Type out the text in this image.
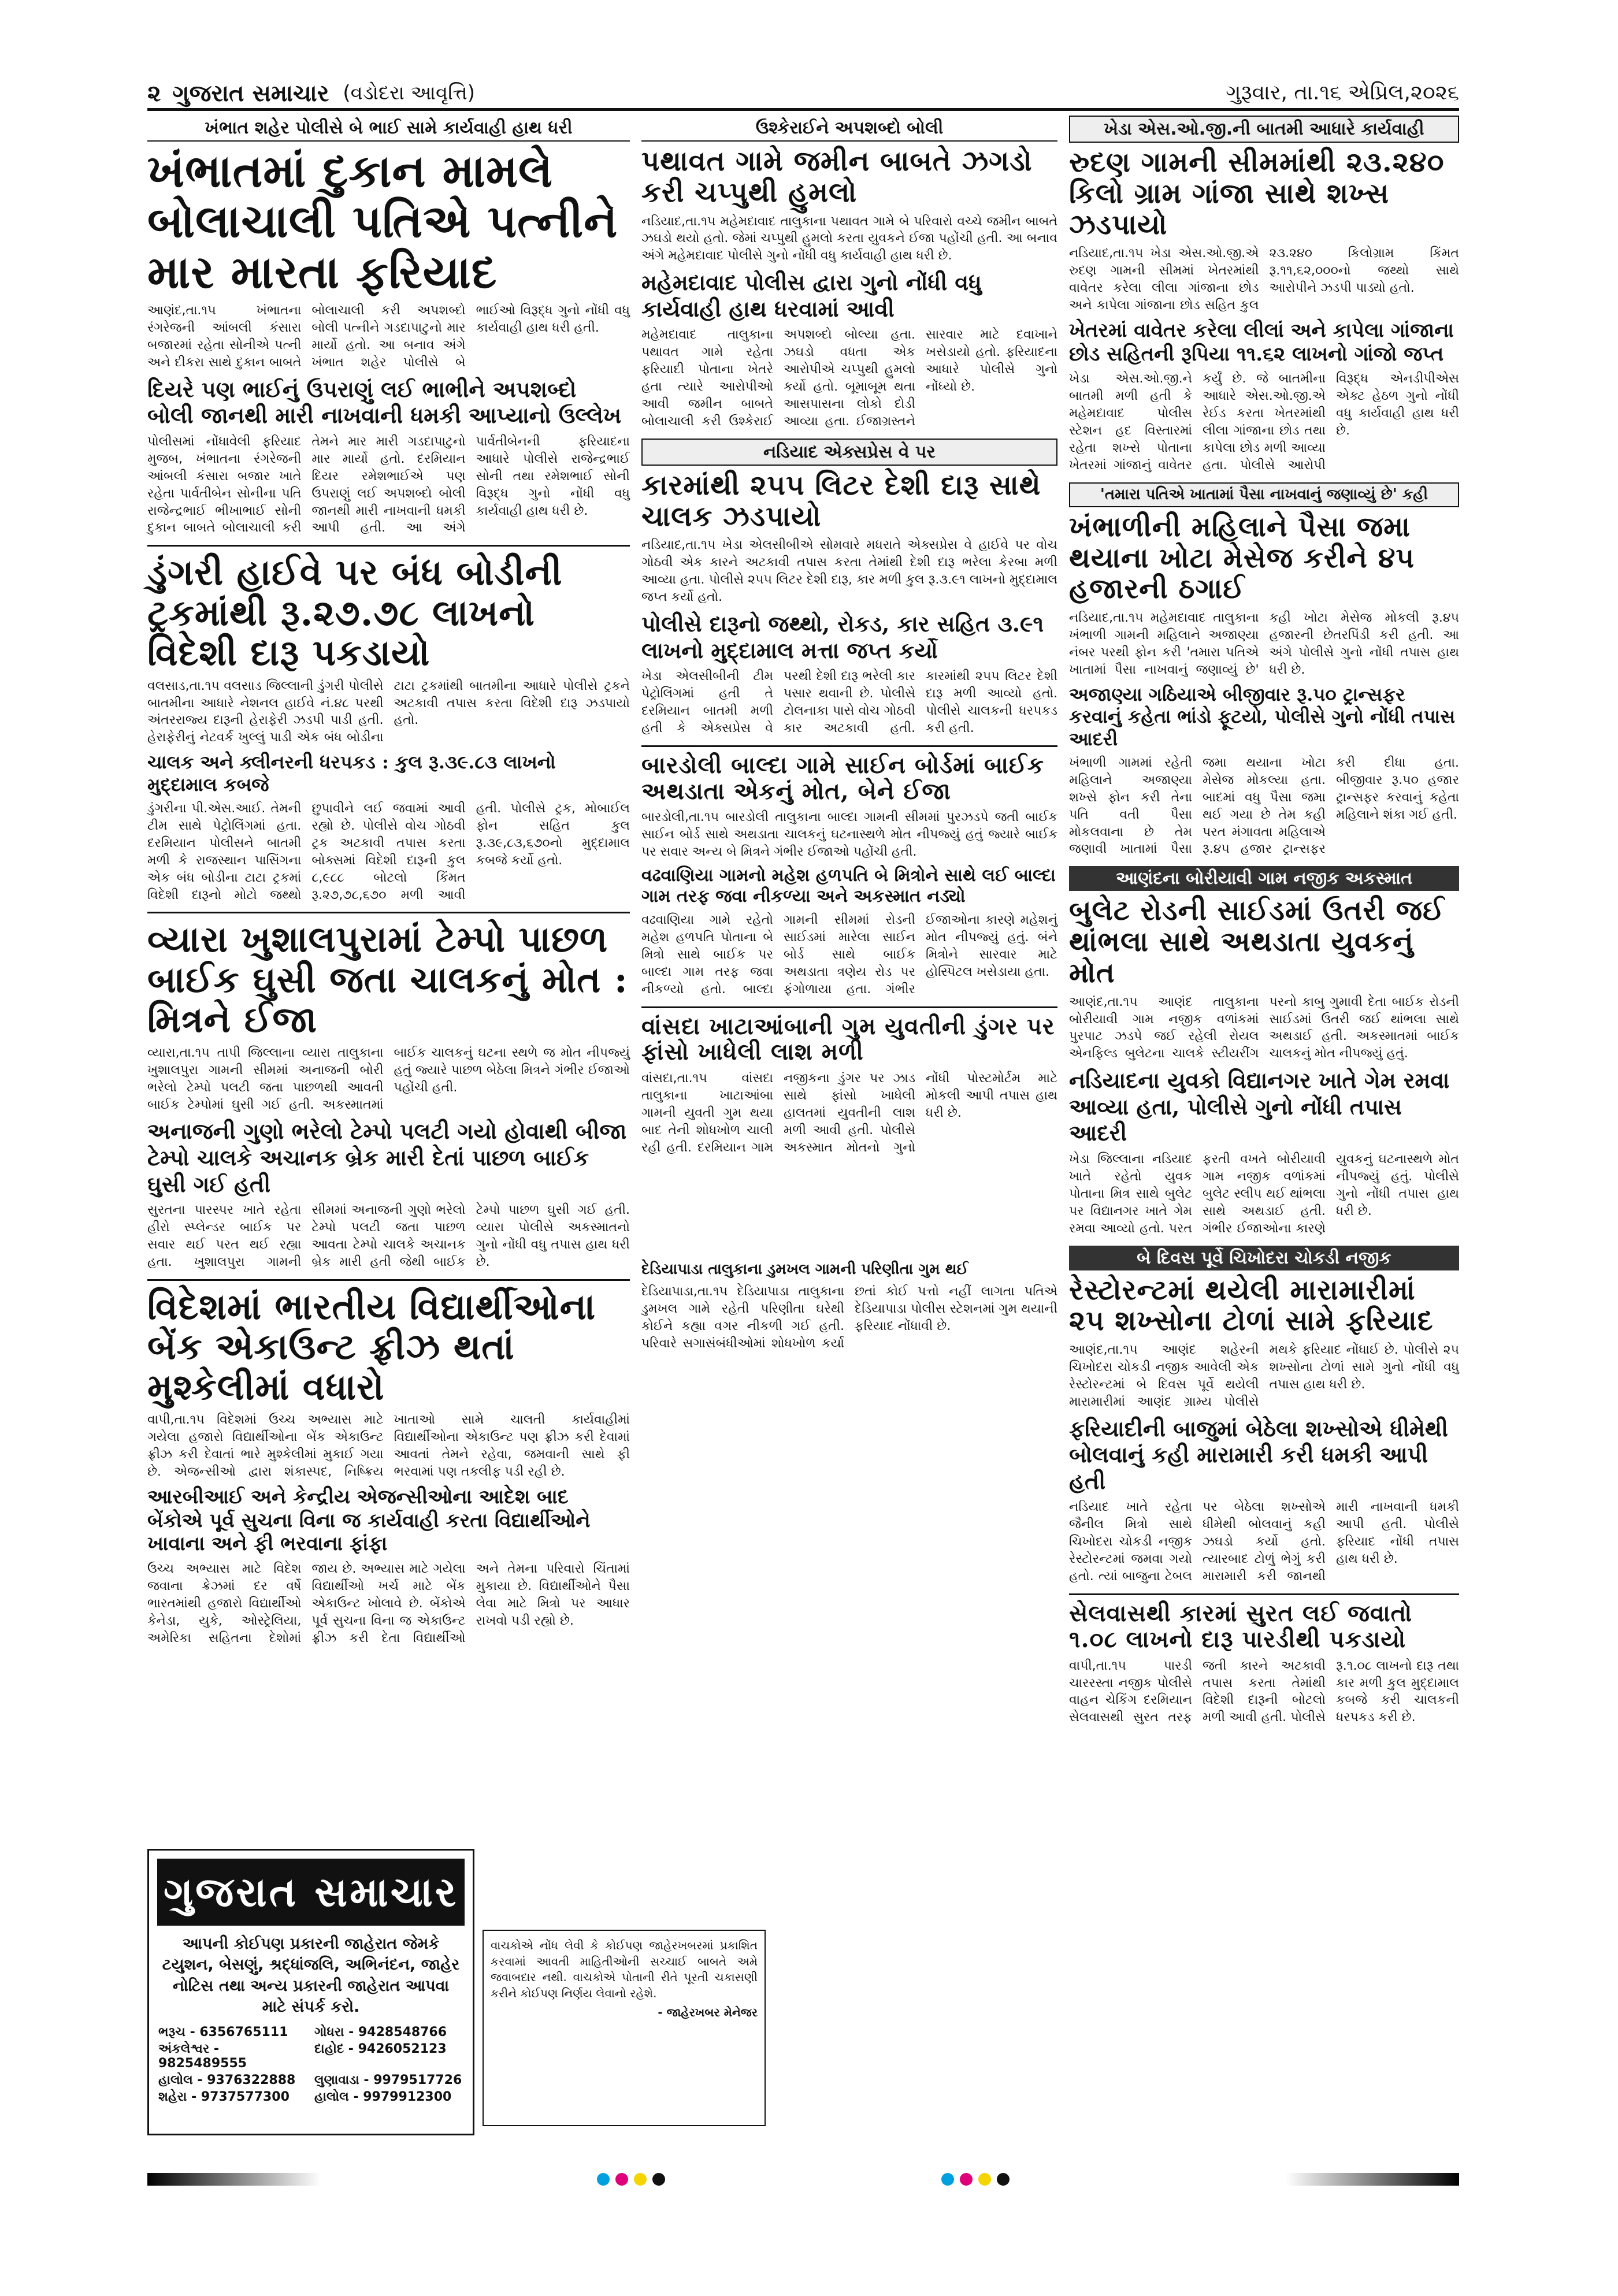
૨ ગુજરાત સમાચાર (વડોદરા આવૃત્તિ)	ગુરૂવાર, તા.૧૬ એપ્રિલ,૨૦૨૬
ખંભાત શહેર પોલીસે બે ભાઈ સામે કાર્યવાહી હાથ ધરી
ખંભાતમાં દુકાન મામલે બોલાચાલી પતિએ પત્નીને માર મારતા ફરિયાદ
આણંદ,તા.૧૫ ખંભાતના રંગરેજની આંબલી કંસારા બજારમાં રહેતા સોનીએ પત્ની અને દીકરા સાથે દુકાન બાબતે બોલાચાલી કરી અપશબ્દો બોલી પત્નીને ગડદાપાટુનો માર માર્યો હતો. આ બનાવ અંગે ખંભાત શહેર પોલીસે બે ભાઈઓ વિરૂદ્ધ ગુનો નોંધી વધુ કાર્યવાહી હાથ ધરી હતી.
દિયરે પણ ભાઈનું ઉપરાણું લઈ ભાભીને અપશબ્દો બોલી જાનથી મારી નાખવાની ધમકી આપ્યાનો ઉલ્લેખ
પોલીસમાં નોંધાવેલી ફરિયાદ મુજબ, ખંભાતના રંગરેજની આંબલી કંસારા બજાર ખાતે રહેતા પાર્વતીબેન સોનીના પતિ રાજેન્દ્રભાઈ ભીખાભાઈ સોની દુકાન બાબતે બોલાચાલી કરી તેમને માર મારી ગડદાપાટુનો માર માર્યો હતો. દરમિયાન દિયર રમેશભાઈએ પણ ઉપરાણું લઈ અપશબ્દો બોલી જાનથી મારી નાખવાની ધમકી આપી હતી. આ અંગે પાર્વતીબેનની ફરિયાદના આધારે પોલીસે રાજેન્દ્રભાઈ સોની તથા રમેશભાઈ સોની વિરૂદ્ધ ગુનો નોંધી વધુ કાર્યવાહી હાથ ધરી છે.
ડુંગરી હાઈવે પર બંધ બોડીની ટ્રકમાંથી રૂ.૨૭.૭૮ લાખનો વિદેશી દારૂ પકડાયો
વલસાડ,તા.૧૫ વલસાડ જિલ્લાની ડુંગરી પોલીસે બાતમીના આધારે નેશનલ હાઈવે નં.૪૮ પરથી અંતરરાજ્ય દારૂની હેરાફેરી ઝડપી પાડી હતી. હેરાફેરીનું નેટવર્ક ખુલ્લું પાડી એક બંધ બોડીના ટાટા ટ્રકમાંથી બાતમીના આધારે પોલીસે ટ્રકને અટકાવી તપાસ કરતા વિદેશી દારૂ ઝડપાયો હતો.
ચાલક અને ક્લીનરની ધરપકડ : કુલ રૂ.૩૯.૮૩ લાખનો મુદ્દામાલ કબજે
ડુંગરીના પી.એસ.આઈ. તેમની ટીમ સાથે પેટ્રોલિંગમાં હતા. દરમિયાન પોલીસને બાતમી મળી કે રાજસ્થાન પાસિંગના એક બંધ બોડીના ટાટા ટ્રકમાં વિદેશી દારૂનો મોટો જથ્થો છુપાવીને લઈ જવામાં આવી રહ્યો છે. પોલીસે વોચ ગોઠવી ટ્રક અટકાવી તપાસ કરતા બોક્સમાં વિદેશી દારૂની કુલ ૮,૯૮૮ બોટલો કિંમત રૂ.૨૭,૭૮,૬૭૦ મળી આવી હતી. પોલીસે ટ્રક, મોબાઈલ ફોન સહિત કુલ રૂ.૩૯,૮૩,૬૭૦નો મુદ્દામાલ કબજે કર્યો હતો.
વ્યારા ખુશાલપુરામાં ટેમ્પો પાછળ બાઈક ઘુસી જતા ચાલકનું મોત : મિત્રને ઈજા
વ્યારા,તા.૧૫ તાપી જિલ્લાના વ્યારા તાલુકાના ખુશાલપુરા ગામની સીમમાં અનાજની બોરી ભરેલો ટેમ્પો પલટી જતા પાછળથી આવતી બાઈક ટેમ્પોમાં ઘુસી ગઈ હતી. અકસ્માતમાં બાઈક ચાલકનું ઘટના સ્થળે જ મોત નીપજ્યું હતું જ્યારે પાછળ બેઠેલા મિત્રને ગંભીર ઈજાઓ પહોંચી હતી.
અનાજની ગુણો ભરેલો ટેમ્પો પલટી ગયો હોવાથી બીજા ટેમ્પો ચાલકે અચાનક બ્રેક મારી દેતાં પાછળ બાઈક ઘુસી ગઈ હતી
સુરતના પારસ્પર ખાતે રહેતા હીરો સ્પ્લેન્ડર બાઈક પર સવાર થઈ પરત થઈ રહ્યા હતા. ખુશાલપુરા ગામની સીમમાં અનાજની ગુણો ભરેલો ટેમ્પો પલટી જતા પાછળ આવતા ટેમ્પો ચાલકે અચાનક બ્રેક મારી હતી જેથી બાઈક ટેમ્પો પાછળ ઘુસી ગઈ હતી. વ્યારા પોલીસે અકસ્માતનો ગુનો નોંધી વધુ તપાસ હાથ ધરી છે.
વિદેશમાં ભારતીય વિદ્યાર્થીઓના બેંક એકાઉન્ટ ફ્રીઝ થતાં મુશ્કેલીમાં વધારો
વાપી,તા.૧૫ વિદેશમાં ઉચ્ચ અભ્યાસ માટે ગયેલા હજારો વિદ્યાર્થીઓના બેંક એકાઉન્ટ ફ્રીઝ કરી દેવાતાં ભારે મુશ્કેલીમાં મુકાઈ ગયા છે. એજન્સીઓ દ્વારા શંકાસ્પદ, નિષ્ક્રિય ખાતાઓ સામે ચાલતી કાર્યવાહીમાં વિદ્યાર્થીઓના એકાઉન્ટ પણ ફ્રીઝ કરી દેવામાં આવતાં તેમને રહેવા, જમવાની સાથે ફી ભરવામાં પણ તકલીફ પડી રહી છે.
આરબીઆઈ અને કેન્દ્રીય એજન્સીઓના આદેશ બાદ બેંકોએ પૂર્વ સુચના વિના જ કાર્યવાહી કરતા વિદ્યાર્થીઓને ખાવાના અને ફી ભરવાના ફાંફા
ઉચ્ચ અભ્યાસ માટે વિદેશ જવાના ક્રેઝમાં દર વર્ષે ભારતમાંથી હજારો વિદ્યાર્થીઓ કેનેડા, યુકે, ઓસ્ટ્રેલિયા, અમેરિકા સહિતના દેશોમાં જાય છે. અભ્યાસ માટે ગયેલા વિદ્યાર્થીઓ ખર્ચ માટે બેંક એકાઉન્ટ ખોલાવે છે. બેંકોએ પૂર્વ સુચના વિના જ એકાઉન્ટ ફ્રીઝ કરી દેતા વિદ્યાર્થીઓ અને તેમના પરિવારો ચિંતામાં મુકાયા છે. વિદ્યાર્થીઓને પૈસા લેવા માટે મિત્રો પર આધાર રાખવો પડી રહ્યો છે.
ઉશ્કેરાઈને અપશબ્દો બોલી
પથાવત ગામે જમીન બાબતે ઝગડો કરી ચપ્પુથી હુમલો
નડિયાદ,તા.૧૫ મહેમદાવાદ તાલુકાના પથાવત ગામે બે પરિવારો વચ્ચે જમીન બાબતે ઝઘડો થયો હતો. જેમાં ચપ્પુથી હુમલો કરતા યુવકને ઈજા પહોંચી હતી. આ બનાવ અંગે મહેમદાવાદ પોલીસે ગુનો નોંધી વધુ કાર્યવાહી હાથ ધરી છે.
મહેમદાવાદ પોલીસ દ્વારા ગુનો નોંધી વધુ કાર્યવાહી હાથ ધરવામાં આવી
મહેમદાવાદ તાલુકાના પથાવત ગામે રહેતા ફરિયાદી પોતાના ખેતરે હતા ત્યારે આરોપીઓ આવી જમીન બાબતે બોલાચાલી કરી ઉશ્કેરાઈ અપશબ્દો બોલ્યા હતા. ઝઘડો વધતા એક આરોપીએ ચપ્પુથી હુમલો કર્યો હતો. બૂમાબૂમ થતા આસપાસના લોકો દોડી આવ્યા હતા. ઈજાગ્રસ્તને સારવાર માટે દવાખાને ખસેડાયો હતો. ફરિયાદના આધારે પોલીસે ગુનો નોંધ્યો છે.
નડિયાદ એક્સપ્રેસ વે પર
કારમાંથી ૨૫૫ લિટર દેશી દારૂ સાથે ચાલક ઝડપાયો
નડિયાદ,તા.૧૫ ખેડા એલસીબીએ સોમવારે મધરાતે એક્સપ્રેસ વે હાઈવે પર વોચ ગોઠવી એક કારને અટકાવી તપાસ કરતા તેમાંથી દેશી દારૂ ભરેલા કેરબા મળી આવ્યા હતા. પોલીસે ૨૫૫ લિટર દેશી દારૂ, કાર મળી કુલ રૂ.૩.૯૧ લાખનો મુદ્દામાલ જપ્ત કર્યો હતો.
પોલીસે દારૂનો જથ્થો, રોકડ, કાર સહિત ૩.૯૧ લાખનો મુદ્દામાલ મત્તા જપ્ત કર્યો
ખેડા એલસીબીની ટીમ પેટ્રોલિંગમાં હતી તે દરમિયાન બાતમી મળી હતી કે એક્સપ્રેસ વે પરથી દેશી દારૂ ભરેલી કાર પસાર થવાની છે. પોલીસે ટોલનાકા પાસે વોચ ગોઠવી કાર અટકાવી હતી. કારમાંથી ૨૫૫ લિટર દેશી દારૂ મળી આવ્યો હતો. પોલીસે ચાલકની ધરપકડ કરી હતી.
બારડોલી બાલ્દા ગામે સાઈન બોર્ડમાં બાઈક અથડાતા એકનું મોત, બેને ઈજા
બારડોલી,તા.૧૫ બારડોલી તાલુકાના બાલ્દા ગામની સીમમાં પુરઝડપે જતી બાઈક સાઈન બોર્ડ સાથે અથડાતા ચાલકનું ઘટનાસ્થળે મોત નીપજ્યું હતું જ્યારે બાઈક પર સવાર અન્ય બે મિત્રને ગંભીર ઈજાઓ પહોંચી હતી.
વઢવાણિયા ગામનો મહેશ હળપતિ બે મિત્રોને સાથે લઈ બાલ્દા ગામ તરફ જવા નીકળ્યા અને અકસ્માત નડ્યો
વઢવાણિયા ગામે રહેતો મહેશ હળપતિ પોતાના બે મિત્રો સાથે બાઈક પર બાલ્દા ગામ તરફ જવા નીકળ્યો હતો. બાલ્દા ગામની સીમમાં રોડની સાઈડમાં મારેલા સાઈન બોર્ડ સાથે બાઈક અથડાતા ત્રણેય રોડ પર ફંગોળાયા હતા. ગંભીર ઈજાઓના કારણે મહેશનું મોત નીપજ્યું હતું. બંને મિત્રોને સારવાર માટે હોસ્પિટલ ખસેડાયા હતા.
વાંસદા ખાટાઆંબાની ગુમ યુવતીની ડુંગર પર ફાંસો ખાધેલી લાશ મળી
વાંસદા,તા.૧૫ વાંસદા તાલુકાના ખાટાઆંબા ગામની યુવતી ગુમ થયા બાદ તેની શોધખોળ ચાલી રહી હતી. દરમિયાન ગામ નજીકના ડુંગર પર ઝાડ સાથે ફાંસો ખાધેલી હાલતમાં યુવતીની લાશ મળી આવી હતી. પોલીસે અકસ્માત મોતનો ગુનો નોંધી પોસ્ટમોર્ટમ માટે મોકલી આપી તપાસ હાથ ધરી છે.
દેડિયાપાડા તાલુકાના ડુમખલ ગામની પરિણીતા ગુમ થઈ
દેડિયાપાડા,તા.૧૫ દેડિયાપાડા તાલુકાના ડુમખલ ગામે રહેતી પરિણીતા ઘરેથી કોઈને કહ્યા વગર નીકળી ગઈ હતી. પરિવારે સગાસંબંધીઓમાં શોધખોળ કર્યા છતાં કોઈ પત્તો નહીં લાગતા પતિએ દેડિયાપાડા પોલીસ સ્ટેશનમાં ગુમ થયાની ફરિયાદ નોંધાવી છે.
ખેડા એસ.ઓ.જી.ની બાતમી આધારે કાર્યવાહી
રુદણ ગામની સીમમાંથી ૨૩.૨૪૦ કિલો ગ્રામ ગાંજા સાથે શખ્સ ઝડપાયો
નડિયાદ,તા.૧૫ ખેડા એસ.ઓ.જી.એ રુદણ ગામની સીમમાં ખેતરમાંથી વાવેતર કરેલા લીલા ગાંજાના છોડ અને કાપેલા ગાંજાના છોડ સહિત કુલ ૨૩.૨૪૦ કિલોગ્રામ કિંમત રૂ.૧૧,૬૨,૦૦૦નો જથ્થો સાથે આરોપીને ઝડપી પાડ્યો હતો.
ખેતરમાં વાવેતર કરેલા લીલાં અને કાપેલા ગાંજાના છોડ સહિતની રૂપિયા ૧૧.૬૨ લાખનો ગાંજો જપ્ત
ખેડા એસ.ઓ.જી.ને બાતમી મળી હતી કે મહેમદાવાદ પોલીસ સ્ટેશન હદ વિસ્તારમાં રહેતા શખ્સે પોતાના ખેતરમાં ગાંજાનું વાવેતર કર્યું છે. જે બાતમીના આધારે એસ.ઓ.જી.એ રેઈડ કરતા ખેતરમાંથી લીલા ગાંજાના છોડ તથા કાપેલા છોડ મળી આવ્યા હતા. પોલીસે આરોપી વિરૂદ્ધ એનડીપીએસ એક્ટ હેઠળ ગુનો નોંધી વધુ કાર્યવાહી હાથ ધરી છે.
'તમારા પતિએ ખાતામાં પૈસા નાખવાનું જણાવ્યું છે' કહી
ખંભાળીની મહિલાને પૈસા જમા થયાના ખોટા મેસેજ કરીને ૪૫ હજારની ઠગાઈ
નડિયાદ,તા.૧૫ મહેમદાવાદ તાલુકાના ખંભાળી ગામની મહિલાને અજાણ્યા નંબર પરથી ફોન કરી 'તમારા પતિએ ખાતામાં પૈસા નાખવાનું જણાવ્યું છે' કહી ખોટા મેસેજ મોકલી રૂ.૪૫ હજારની છેતરપિંડી કરી હતી. આ અંગે પોલીસે ગુનો નોંધી તપાસ હાથ ધરી છે.
અજાણ્યા ગઠિયાએ બીજીવાર રૂ.૫૦ ટ્રાન્સફર કરવાનું કહેતા ભાંડો ફૂટયો, પોલીસે ગુનો નોંધી તપાસ આદરી
ખંભાળી ગામમાં રહેતી મહિલાને અજાણ્યા શખ્સે ફોન કરી તેના પતિ વતી પૈસા મોકલવાના છે તેમ જણાવી ખાતામાં પૈસા જમા થયાના ખોટા મેસેજ મોકલ્યા હતા. બાદમાં વધુ પૈસા જમા થઈ ગયા છે તેમ કહી પરત મંગાવતા મહિલાએ રૂ.૪૫ હજાર ટ્રાન્સફર કરી દીધા હતા. બીજીવાર રૂ.૫૦ હજાર ટ્રાન્સફર કરવાનું કહેતા મહિલાને શંકા ગઈ હતી.
આણંદના બોરીયાવી ગામ નજીક અકસ્માત
બુલેટ રોડની સાઈડમાં ઉતરી જઈ થાંભલા સાથે અથડાતા યુવકનું મોત
આણંદ,તા.૧૫ આણંદ તાલુકાના બોરીયાવી ગામ નજીક વળાંકમાં પુરપાટ ઝડપે જઈ રહેલી રોયલ એનફિલ્ડ બુલેટના ચાલકે સ્ટીયરીંગ પરનો કાબુ ગુમાવી દેતા બાઈક રોડની સાઈડમાં ઉતરી જઈ થાંભલા સાથે અથડાઈ હતી. અકસ્માતમાં બાઈક ચાલકનું મોત નીપજ્યું હતું.
નડિયાદના યુવકો વિદ્યાનગર ખાતે ગેમ રમવા આવ્યા હતા, પોલીસે ગુનો નોંધી તપાસ આદરી
ખેડા જિલ્લાના નડિયાદ ખાતે રહેતો યુવક પોતાના મિત્ર સાથે બુલેટ પર વિદ્યાનગર ખાતે ગેમ રમવા આવ્યો હતો. પરત ફરતી વખતે બોરીયાવી ગામ નજીક વળાંકમાં બુલેટ સ્લીપ થઈ થાંભલા સાથે અથડાઈ હતી. ગંભીર ઈજાઓના કારણે યુવકનું ઘટનાસ્થળે મોત નીપજ્યું હતું. પોલીસે ગુનો નોંધી તપાસ હાથ ધરી છે.
બે દિવસ પૂર્વે ચિખોદરા ચોકડી નજીક
રેસ્ટોરન્ટમાં થયેલી મારામારીમાં ૨૫ શખ્સોના ટોળાં સામે ફરિયાદ
આણંદ,તા.૧૫ આણંદ શહેરની ચિખોદરા ચોકડી નજીક આવેલી એક રેસ્ટોરન્ટમાં બે દિવસ પૂર્વે થયેલી મારામારીમાં આણંદ ગ્રામ્ય પોલીસે મથકે ફરિયાદ નોંધાઈ છે. પોલીસે ૨૫ શખ્સોના ટોળાં સામે ગુનો નોંધી વધુ તપાસ હાથ ધરી છે.
ફરિયાદીની બાજુમાં બેઠેલા શખ્સોએ ધીમેથી બોલવાનું કહી મારામારી કરી ધમકી આપી હતી
નડિયાદ ખાતે રહેતા જૈનીલ મિત્રો સાથે ચિખોદરા ચોકડી નજીક રેસ્ટોરન્ટમાં જમવા ગયો હતો. ત્યાં બાજુના ટેબલ પર બેઠેલા શખ્સોએ ધીમેથી બોલવાનું કહી ઝઘડો કર્યો હતો. ત્યારબાદ ટોળું ભેગું કરી મારામારી કરી જાનથી મારી નાખવાની ધમકી આપી હતી. પોલીસે ફરિયાદ નોંધી તપાસ હાથ ધરી છે.
સેલવાસથી કારમાં સુરત લઈ જવાતો ૧.૦૮ લાખનો દારૂ પારડીથી પકડાયો
વાપી,તા.૧૫ પારડી ચારરસ્તા નજીક પોલીસે વાહન ચેકિંગ દરમિયાન સેલવાસથી સુરત તરફ જતી કારને અટકાવી તપાસ કરતા તેમાંથી વિદેશી દારૂની બોટલો મળી આવી હતી. પોલીસે રૂ.૧.૦૮ લાખનો દારૂ તથા કાર મળી કુલ મુદ્દામાલ કબજે કરી ચાલકની ધરપકડ કરી છે.
ગુજરાત સમાચાર
આપની કોઈપણ પ્રકારની જાહેરાત જેમકે ટયુશન, બેસણું, શ્રદ્ધાંજલિ, અભિનંદન, જાહેર નોટિસ તથા અન્ય પ્રકારની જાહેરાત આપવા માટે સંપર્ક કરો.
ભરૂચ - 6356765111	ગોધરા - 9428548766
અંકલેશ્વર - 9825489555
દાહોદ - 9426052123
હાલોલ - 9376322888	લુણાવાડા - 9979517726
શહેરા - 9737577300	હાલોલ - 9979912300
વાચકોએ નોંધ લેવી કે કોઈપણ જાહેરખબરમાં પ્રકાશિત કરવામાં આવતી માહિતીઓની સચ્ચાઈ બાબતે અમે જવાબદાર નથી. વાચકોએ પોતાની રીતે પૂરતી ચકાસણી કરીને કોઈપણ નિર્ણય લેવાનો રહેશે.
- જાહેરખબર મેનેજર
